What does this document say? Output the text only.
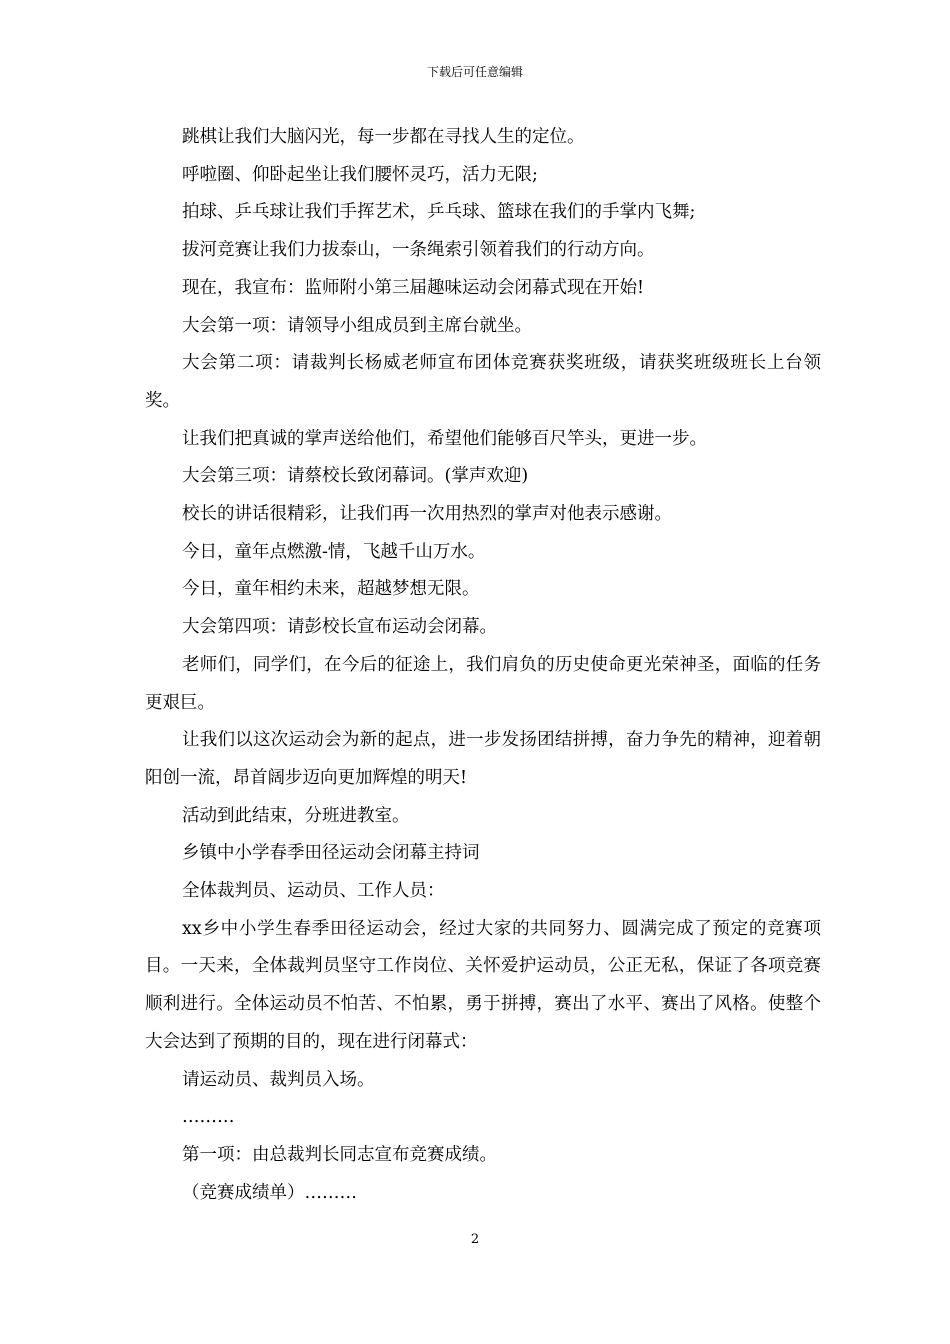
下载后可任意编辑

跳棋让我们大脑闪光，每一步都在寻找人生的定位。

呼啦圈、仰卧起坐让我们腰怀灵巧，活力无限;

拍球、乒乓球让我们手挥艺术，乒乓球、篮球在我们的手掌内飞舞;

拔河竞赛让我们力拔泰山，一条绳索引领着我们的行动方向。

现在，我宣布：监师附小第三届趣味运动会闭幕式现在开始!

大会第一项：请领导小组成员到主席台就坐。

大会第二项：请裁判长杨威老师宣布团体竞赛获奖班级，请获奖班级班长上台领奖。

让我们把真诚的掌声送给他们，希望他们能够百尺竿头，更进一步。

大会第三项：请蔡校长致闭幕词。(掌声欢迎)

校长的讲话很精彩，让我们再一次用热烈的掌声对他表示感谢。

今日，童年点燃激-情，飞越千山万水。

今日，童年相约未来，超越梦想无限。

大会第四项：请彭校长宣布运动会闭幕。

老师们，同学们，在今后的征途上，我们肩负的历史使命更光荣神圣，面临的任务更艰巨。

让我们以这次运动会为新的起点，进一步发扬团结拼搏，奋力争先的精神，迎着朝阳创一流，昂首阔步迈向更加辉煌的明天!

活动到此结束，分班进教室。

乡镇中小学春季田径运动会闭幕主持词

全体裁判员、运动员、工作人员：

xx乡中小学生春季田径运动会，经过大家的共同努力、圆满完成了预定的竞赛项目。一天来，全体裁判员坚守工作岗位、关怀爱护运动员，公正无私，保证了各项竞赛顺利进行。全体运动员不怕苦、不怕累，勇于拼搏，赛出了水平、赛出了风格。使整个大会达到了预期的目的，现在进行闭幕式：

请运动员、裁判员入场。

………

第一项：由总裁判长同志宣布竞赛成绩。

（竞赛成绩单）………

2
